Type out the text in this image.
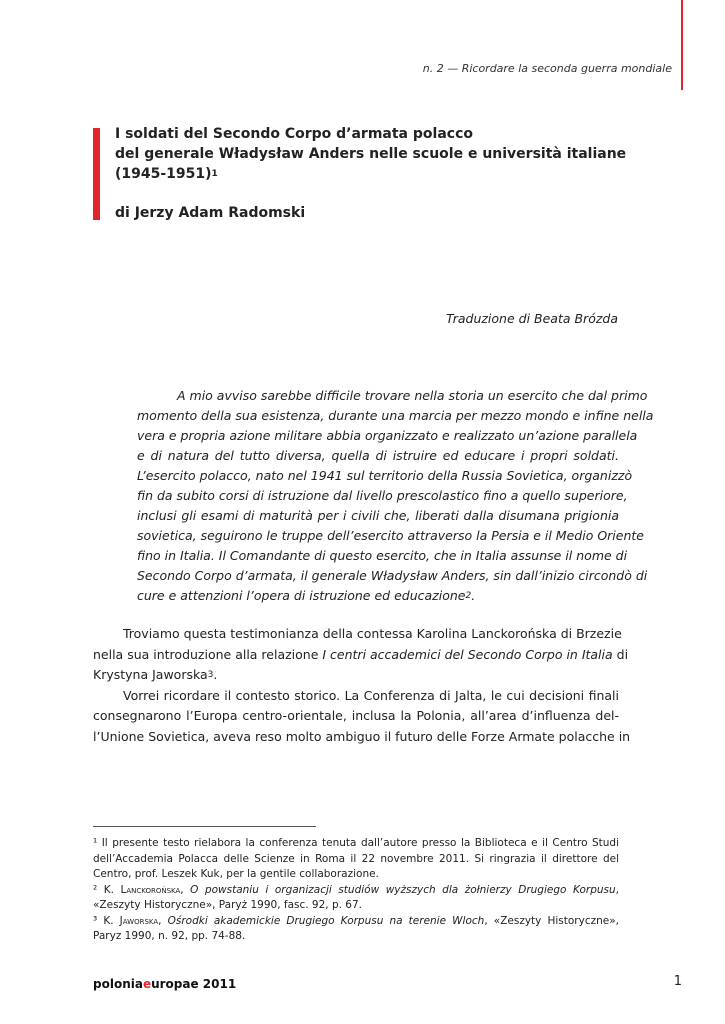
n. 2 — Ricordare la seconda guerra mondiale
I soldati del Secondo Corpo d’armata polacco
del generale Władysław Anders nelle scuole e università italiane
(1945-1951)$^1$
di Jerzy Adam Radomski
Traduzione di Beata Brózda
A mio avviso sarebbe difficile trovare nella storia un esercito che dal primo
momento della sua esistenza, durante una marcia per mezzo mondo e infine nella
vera e propria azione militare abbia organizzato e realizzato un’azione parallela
e di natura del tutto diversa, quella di istruire ed educare i propri soldati.
L’esercito polacco, nato nel 1941 sul territorio della Russia Sovietica, organizzò
fin da subito corsi di istruzione dal livello prescolastico fino a quello superiore,
inclusi gli esami di maturità per i civili che, liberati dalla disumana prigionia
sovietica, seguirono le truppe dell’esercito attraverso la Persia e il Medio Oriente
fino in Italia. Il Comandante di questo esercito, che in Italia assunse il nome di
Secondo Corpo d’armata, il generale Władysław Anders, sin dall’inizio circondò di
cure e attenzioni l’opera di istruzione ed educazione$^2$.
Troviamo questa testimonianza della contessa Karolina Lanckorońska di Brzezie
nella sua introduzione alla relazione I centri accademici del Secondo Corpo in Italia di
Krystyna Jaworska$^3$.
Vorrei ricordare il contesto storico. La Conferenza di Jalta, le cui decisioni finali
consegnarono l’Europa centro-orientale, inclusa la Polonia, all’area d’influenza del-
l’Unione Sovietica, aveva reso molto ambiguo il futuro delle Forze Armate polacche in
¹ Il presente testo rielabora la conferenza tenuta dall’autore presso la Biblioteca e il Centro Studi
dell’Accademia Polacca delle Scienze in Roma il 22 novembre 2011. Si ringrazia il direttore del
Centro, prof. Leszek Kuk, per la gentile collaborazione.
² K. Lanckorońska, O powstaniu i organizacji studiów wyższych dla żołnierzy Drugiego Korpusu,
«Zeszyty Historyczne», Paryż 1990, fasc. 92, p. 67.
³ K. Jaworska, Ośrodki akademickie Drugiego Korpusu na terenie Wloch, «Zeszyty Historyczne»,
Paryz 1990, n. 92, pp. 74-88.
poloniaeuropae 2011	1
